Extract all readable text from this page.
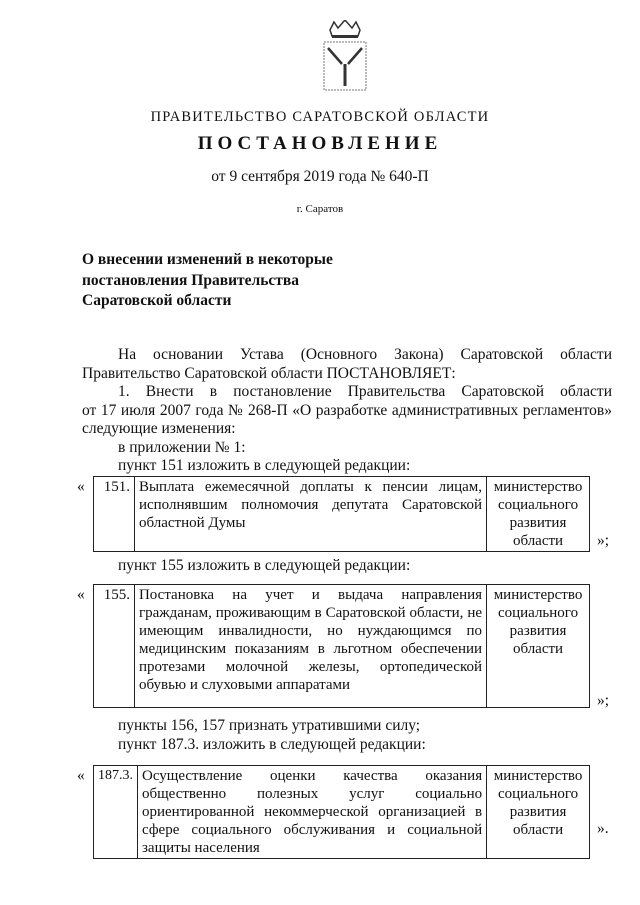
ПРАВИТЕЛЬСТВО САРАТОВСКОЙ ОБЛАСТИ
ПОСТАНОВЛЕНИЕ
от 9 сентября 2019 года № 640-П
г. Саратов
О внесении изменений в некоторые
постановления Правительства
Саратовской области
На основании Устава (Основного Закона) Саратовской области
Правительство Саратовской области ПОСТАНОВЛЯЕТ:
1. Внести в постановление Правительства Саратовской области
от 17 июля 2007 года № 268-П «О разработке административных регламентов»
следующие изменения:
в приложении № 1:
пункт 151 изложить в следующей редакции:
« 151.	Выплата ежемесячной доплаты к пенсии лицам, исполнявшим полномочия депутата Саратовской областной Думы	министерство социального развития области »;
пункт 155 изложить в следующей редакции:
« 155.	Постановка на учет и выдача направления гражданам, проживающим в Саратовской области, не имеющим инвалидности, но нуждающимся по медицинским показаниям в льготном обеспечении протезами молочной железы, ортопедической обувью и слуховыми аппаратами	министерство социального развития области
»;
пункты 156, 157 признать утратившими силу;
пункт 187.3. изложить в следующей редакции:
« 187.3.	Осуществление оценки качества оказания общественно полезных услуг социально ориентированной некоммерческой организацией в сфере социального обслуживания и социальной защиты населения	министерство социального развития области ».
